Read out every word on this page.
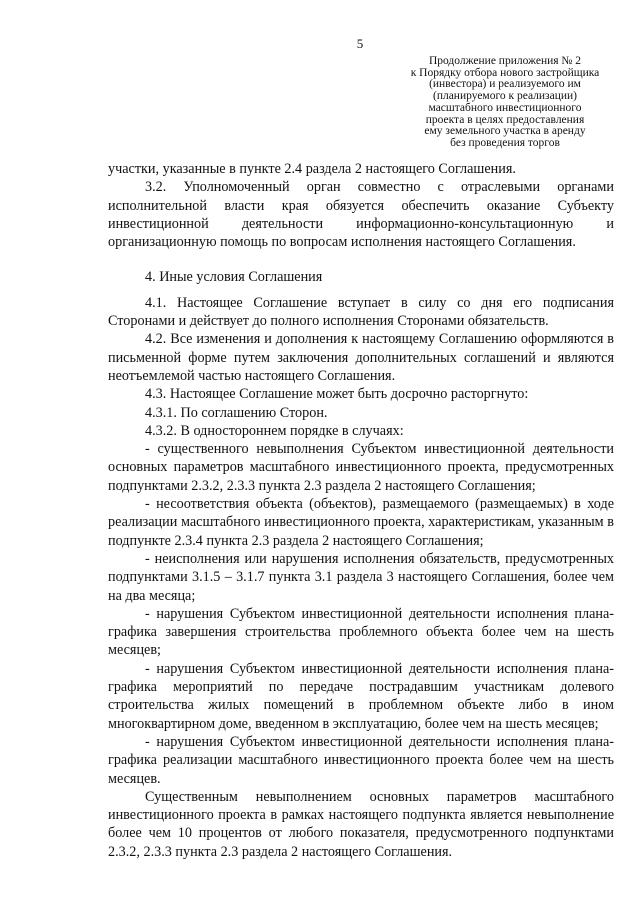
5
Продолжение приложения № 2
к Порядку отбора нового застройщика
(инвестора) и реализуемого им
(планируемого к реализации)
масштабного инвестиционного
проекта в целях предоставления
ему земельного участка в аренду
без проведения торгов

участки, указанные в пункте 2.4 раздела 2 настоящего Соглашения.

3.2. Уполномоченный орган совместно с отраслевыми органами исполнительной власти края обязуется обеспечить оказание Субъекту инвестиционной деятельности информационно-консультационную и организационную помощь по вопросам исполнения настоящего Соглашения.

4. Иные условия Соглашения

4.1. Настоящее Соглашение вступает в силу со дня его подписания Сторонами и действует до полного исполнения Сторонами обязательств.

4.2. Все изменения и дополнения к настоящему Соглашению оформляются в письменной форме путем заключения дополнительных соглашений и являются неотъемлемой частью настоящего Соглашения.

4.3. Настоящее Соглашение может быть досрочно расторгнуто:

4.3.1. По соглашению Сторон.

4.3.2. В одностороннем порядке в случаях:

- существенного невыполнения Субъектом инвестиционной деятельности основных параметров масштабного инвестиционного проекта, предусмотренных подпунктами 2.3.2, 2.3.3 пункта 2.3 раздела 2 настоящего Соглашения;

- несоответствия объекта (объектов), размещаемого (размещаемых) в ходе реализации масштабного инвестиционного проекта, характеристикам, указанным в подпункте 2.3.4 пункта 2.3 раздела 2 настоящего Соглашения;

- неисполнения или нарушения исполнения обязательств, предусмотренных подпунктами 3.1.5 – 3.1.7 пункта 3.1 раздела 3 настоящего Соглашения, более чем на два месяца;

- нарушения Субъектом инвестиционной деятельности исполнения плана-графика завершения строительства проблемного объекта более чем на шесть месяцев;

- нарушения Субъектом инвестиционной деятельности исполнения плана-графика мероприятий по передаче пострадавшим участникам долевого строительства жилых помещений в проблемном объекте либо в ином многоквартирном доме, введенном в эксплуатацию, более чем на шесть месяцев;

- нарушения Субъектом инвестиционной деятельности исполнения плана-графика реализации масштабного инвестиционного проекта более чем на шесть месяцев.

Существенным невыполнением основных параметров масштабного инвестиционного проекта в рамках настоящего подпункта является невыполнение более чем 10 процентов от любого показателя, предусмотренного подпунктами 2.3.2, 2.3.3 пункта 2.3 раздела 2 настоящего Соглашения.
